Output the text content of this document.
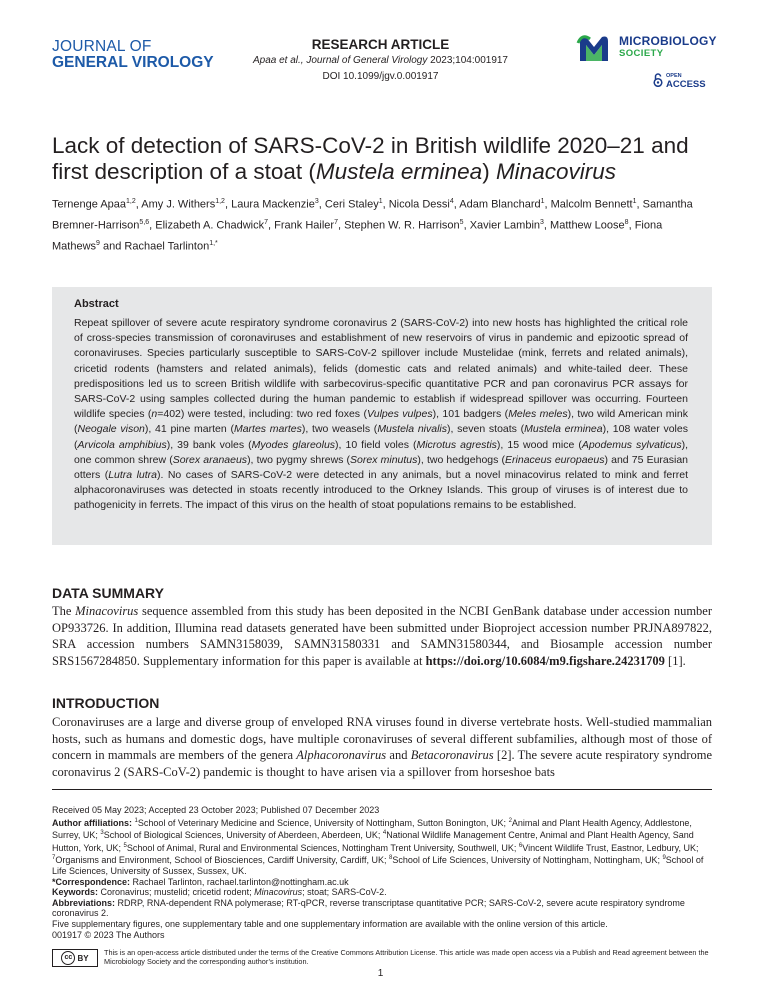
JOURNAL OF
GENERAL VIROLOGY
RESEARCH ARTICLE
Apaa et al., Journal of General Virology 2023;104:001917
DOI 10.1099/jgv.0.001917
MICROBIOLOGY
SOCIETY
OPEN
ACCESS
Lack of detection of SARS-CoV-2 in British wildlife 2020–21 and first description of a stoat (Mustela erminea) Minacovirus
Ternenge Apaa$^{1,2}$, Amy J. Withers$^{1,2}$, Laura Mackenzie$^3$, Ceri Staley$^1$, Nicola Dessi$^4$, Adam Blanchard$^1$, Malcolm Bennett$^1$, Samantha Bremner-Harrison$^{5,6}$, Elizabeth A. Chadwick$^7$, Frank Hailer$^7$, Stephen W. R. Harrison$^5$, Xavier Lambin$^3$, Matthew Loose$^8$, Fiona Mathews$^9$ and Rachael Tarlinton$^{1,*}$
Abstract
Repeat spillover of severe acute respiratory syndrome coronavirus 2 (SARS-CoV-2) into new hosts has highlighted the critical role of cross-species transmission of coronaviruses and establishment of new reservoirs of virus in pandemic and epizootic spread of coronaviruses. Species particularly susceptible to SARS-CoV-2 spillover include Mustelidae (mink, ferrets and related animals), cricetid rodents (hamsters and related animals), felids (domestic cats and related animals) and white-tailed deer. These predispositions led us to screen British wildlife with sarbecovirus-specific quantitative PCR and pan coronavirus PCR assays for SARS-CoV-2 using samples collected during the human pandemic to establish if widespread spillover was occurring. Fourteen wildlife species (n=402) were tested, including: two red foxes (Vulpes vulpes), 101 badgers (Meles meles), two wild American mink (Neogale vison), 41 pine marten (Martes martes), two weasels (Mustela nivalis), seven stoats (Mustela erminea), 108 water voles (Arvicola amphibius), 39 bank voles (Myodes glareolus), 10 field voles (Microtus agrestis), 15 wood mice (Apodemus sylvaticus), one common shrew (Sorex aranaeus), two pygmy shrews (Sorex minutus), two hedgehogs (Erinaceus europaeus) and 75 Eurasian otters (Lutra lutra). No cases of SARS-CoV-2 were detected in any animals, but a novel minacovirus related to mink and ferret alphacoronaviruses was detected in stoats recently introduced to the Orkney Islands. This group of viruses is of interest due to pathogenicity in ferrets. The impact of this virus on the health of stoat populations remains to be established.
DATA SUMMARY
The Minacovirus sequence assembled from this study has been deposited in the NCBI GenBank database under accession number OP933726. In addition, Illumina read datasets generated have been submitted under Bioproject accession number PRJNA897822, SRA accession numbers SAMN3158039, SAMN31580331 and SAMN31580344, and Biosample accession number SRS1567284850. Supplementary information for this paper is available at https://doi.org/10.6084/m9.figshare.24231709 [1].
INTRODUCTION
Coronaviruses are a large and diverse group of enveloped RNA viruses found in diverse vertebrate hosts. Well-studied mammalian hosts, such as humans and domestic dogs, have multiple coronaviruses of several different subfamilies, although most of those of concern in mammals are members of the genera Alphacoronavirus and Betacoronavirus [2]. The severe acute respiratory syndrome coronavirus 2 (SARS-CoV-2) pandemic is thought to have arisen via a spillover from horseshoe bats

Received 05 May 2023; Accepted 23 October 2023; Published 07 December 2023

Author affiliations: $^1$School of Veterinary Medicine and Science, University of Nottingham, Sutton Bonington, UK; $^2$Animal and Plant Health Agency, Addlestone, Surrey, UK; $^3$School of Biological Sciences, University of Aberdeen, Aberdeen, UK; $^4$National Wildlife Management Centre, Animal and Plant Health Agency, Sand Hutton, York, UK; $^5$School of Animal, Rural and Environmental Sciences, Nottingham Trent University, Southwell, UK; $^6$Vincent Wildlife Trust, Eastnor, Ledbury, UK; $^7$Organisms and Environment, School of Biosciences, Cardiff University, Cardiff, UK; $^8$School of Life Sciences, University of Nottingham, Nottingham, UK; $^9$School of Life Sciences, University of Sussex, Sussex, UK.

*Correspondence: Rachael Tarlinton, rachael.tarlinton@nottingham.ac.uk

Keywords: Coronavirus; mustelid; cricetid rodent; Minacovirus; stoat; SARS-CoV-2.

Abbreviations: RDRP, RNA-dependent RNA polymerase; RT-qPCR, reverse transcriptase quantitative PCR; SARS-CoV-2, severe acute respiratory syndrome coronavirus 2.

Five supplementary figures, one supplementary table and one supplementary information are available with the online version of this article.

001917 © 2023 The Authors

cc BY
This is an open-access article distributed under the terms of the Creative Commons Attribution License. This article was made open access via a Publish and Read agreement between the Microbiology Society and the corresponding author’s institution.
1
